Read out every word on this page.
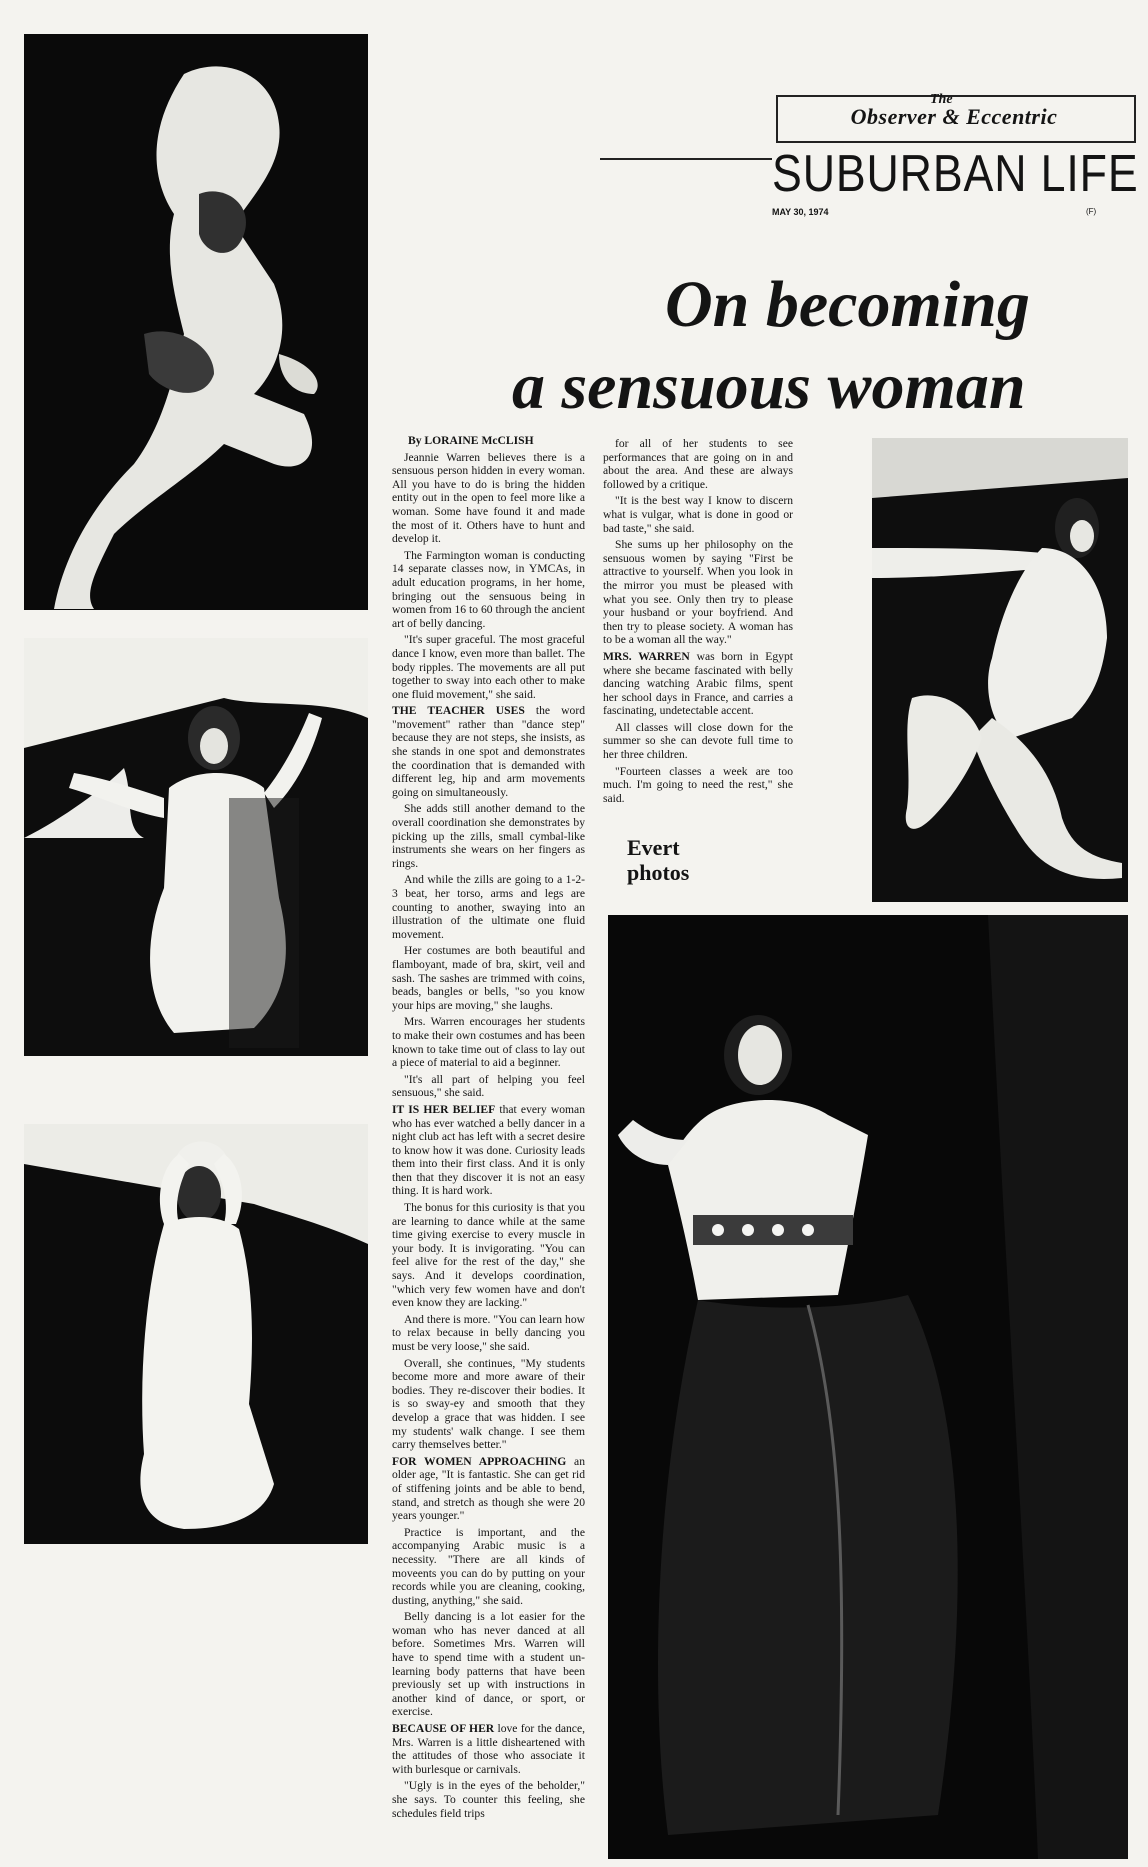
The
Observer & Eccentric
SUBURBAN LIFE
MAY 30, 1974	(F)
On becoming
a sensuous woman

By LORAINE McCLISH

Jeannie Warren believes there is a sensuous person hidden in every woman. All you have to do is bring the hidden entity out in the open to feel more like a woman. Some have found it and made the most of it. Others have to hunt and develop it.

The Farmington woman is conducting 14 separate classes now, in YMCAs, in adult education programs, in her home, bringing out the sensuous being in women from 16 to 60 through the ancient art of belly dancing.

"It's super graceful. The most graceful dance I know, even more than ballet. The body ripples. The movements are all put together to sway into each other to make one fluid movement," she said.

THE TEACHER USES the word "movement" rather than "dance step" because they are not steps, she insists, as she stands in one spot and demonstrates the coordination that is demanded with different leg, hip and arm movements going on simultaneously.

She adds still another demand to the overall coordination she demonstrates by picking up the zills, small cymbal-like instruments she wears on her fingers as rings.

And while the zills are going to a 1-2-3 beat, her torso, arms and legs are counting to another, swaying into an illustration of the ultimate one fluid movement.

Her costumes are both beautiful and flamboyant, made of bra, skirt, veil and sash. The sashes are trimmed with coins, beads, bangles or bells, "so you know your hips are moving," she laughs.

Mrs. Warren encourages her students to make their own costumes and has been known to take time out of class to lay out a piece of material to aid a beginner.

"It's all part of helping you feel sensuous," she said.

IT IS HER BELIEF that every woman who has ever watched a belly dancer in a night club act has left with a secret desire to know how it was done. Curiosity leads them into their first class. And it is only then that they discover it is not an easy thing. It is hard work.

The bonus for this curiosity is that you are learning to dance while at the same time giving exercise to every muscle in your body. It is invigorating. "You can feel alive for the rest of the day," she says. And it develops coordination, "which very few women have and don't even know they are lacking."

And there is more. "You can learn how to relax because in belly dancing you must be very loose," she said.

Overall, she continues, "My students become more and more aware of their bodies. They re-discover their bodies. It is so sway-ey and smooth that they develop a grace that was hidden. I see my students' walk change. I see them carry themselves better."

FOR WOMEN APPROACHING an older age, "It is fantastic. She can get rid of stiffening joints and be able to bend, stand, and stretch as though she were 20 years younger."

Practice is important, and the accompanying Arabic music is a necessity. "There are all kinds of moveents you can do by putting on your records while you are cleaning, cooking, dusting, anything," she said.

Belly dancing is a lot easier for the woman who has never danced at all before. Sometimes Mrs. Warren will have to spend time with a student un-learning body patterns that have been previously set up with instructions in another kind of dance, or sport, or exercise.

BECAUSE OF HER love for the dance, Mrs. Warren is a little disheartened with the attitudes of those who associate it with burlesque or carnivals.

"Ugly is in the eyes of the beholder," she says. To counter this feeling, she schedules field trips

for all of her students to see performances that are going on in and about the area. And these are always followed by a critique.

"It is the best way I know to discern what is vulgar, what is done in good or bad taste," she said.

She sums up her philosophy on the sensuous women by saying "First be attractive to yourself. When you look in the mirror you must be pleased with what you see. Only then try to please your husband or your boyfriend. And then try to please society. A woman has to be a woman all the way."

MRS. WARREN was born in Egypt where she became fascinated with belly dancing watching Arabic films, spent her school days in France, and carries a fascinating, undetectable accent.

All classes will close down for the summer so she can devote full time to her three children.

"Fourteen classes a week are too much. I'm going to need the rest," she said.

Evert
photos
